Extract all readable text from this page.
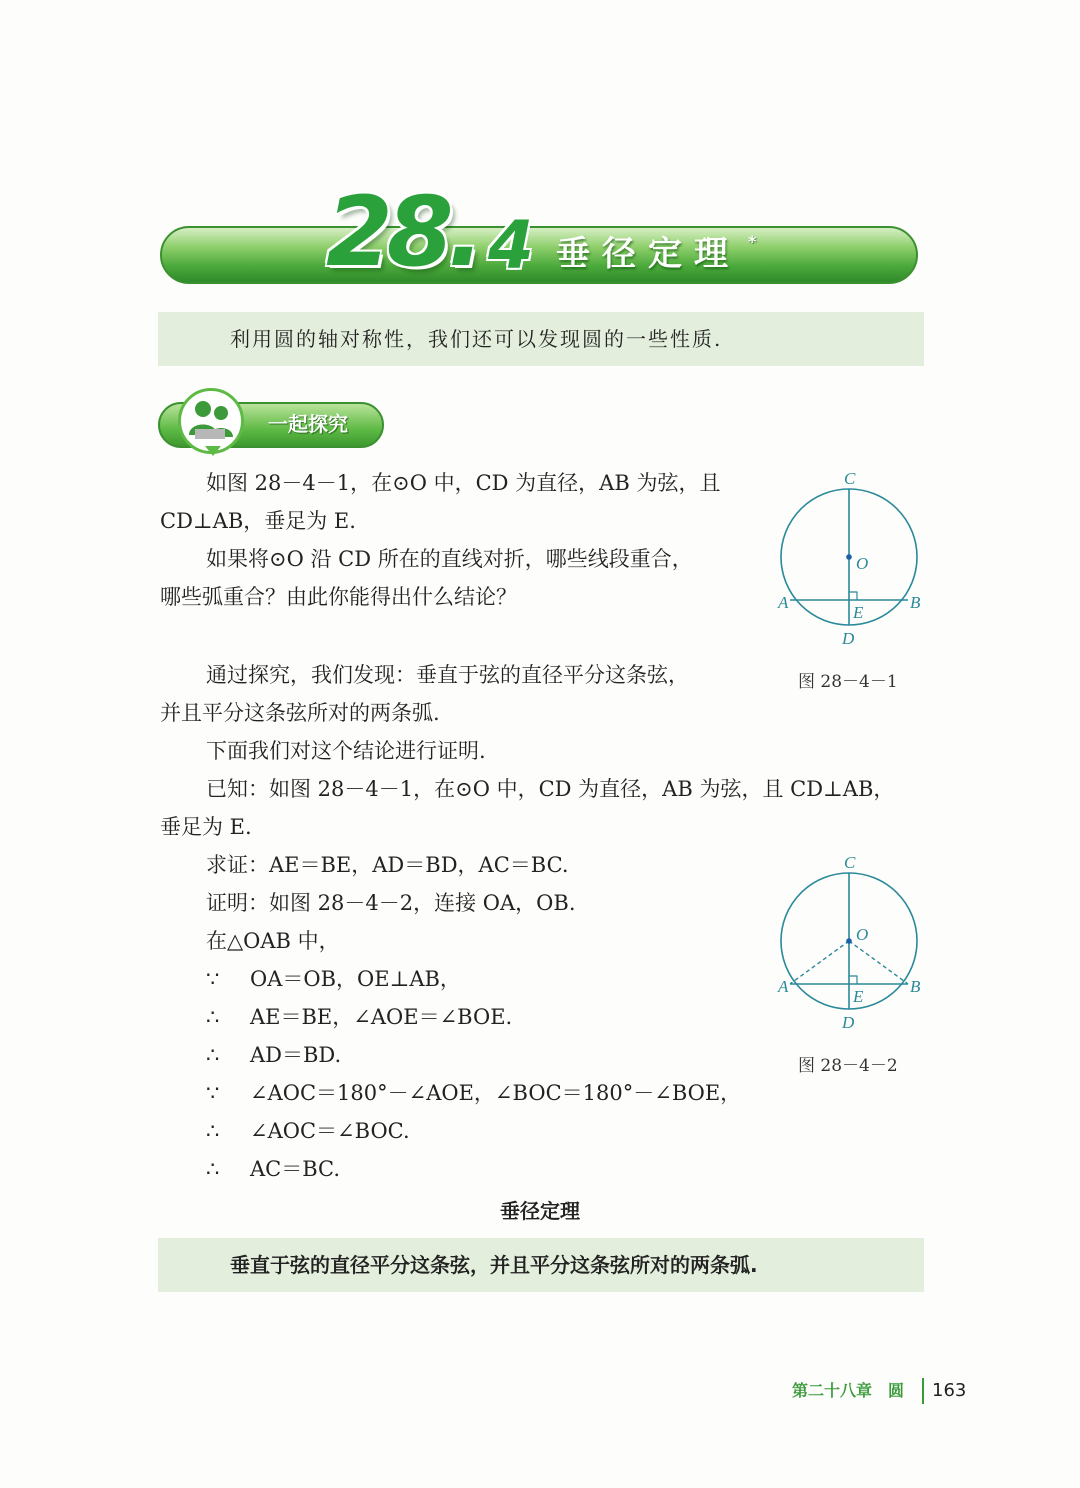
28. 4 垂径定理 *
利用圆的轴对称性，我们还可以发现圆的一些性质.
一起探究
如图 28－4－1，在⊙O 中，CD 为直径，AB 为弦，且
CD⊥AB，垂足为 E.
如果将⊙O 沿 CD 所在的直线对折，哪些线段重合，
哪些弧重合？由此你能得出什么结论？
C
O
A	B
E
D
图 28－4－1
通过探究，我们发现：垂直于弦的直径平分这条弦，
并且平分这条弦所对的两条弧.
下面我们对这个结论进行证明.
已知：如图 28－4－1，在⊙O 中，CD 为直径，AB 为弦，且 CD⊥AB，
垂足为 E.
求证：AE＝BE，AD＝BD，AC＝BC.
证明：如图 28－4－2，连接 OA，OB.
在△OAB 中，
∵ OA＝OB，OE⊥AB，
∴ AE＝BE，∠AOE＝∠BOE.
∴ AD＝BD.
∵ ∠AOC＝180°－∠AOE，∠BOC＝180°－∠BOE，
∴ ∠AOC＝∠BOC.
∴ AC＝BC.
C
O
A	B
E
D
图 28－4－2
垂径定理
垂直于弦的直径平分这条弦，并且平分这条弦所对的两条弧.
第二十八章　圆 163
